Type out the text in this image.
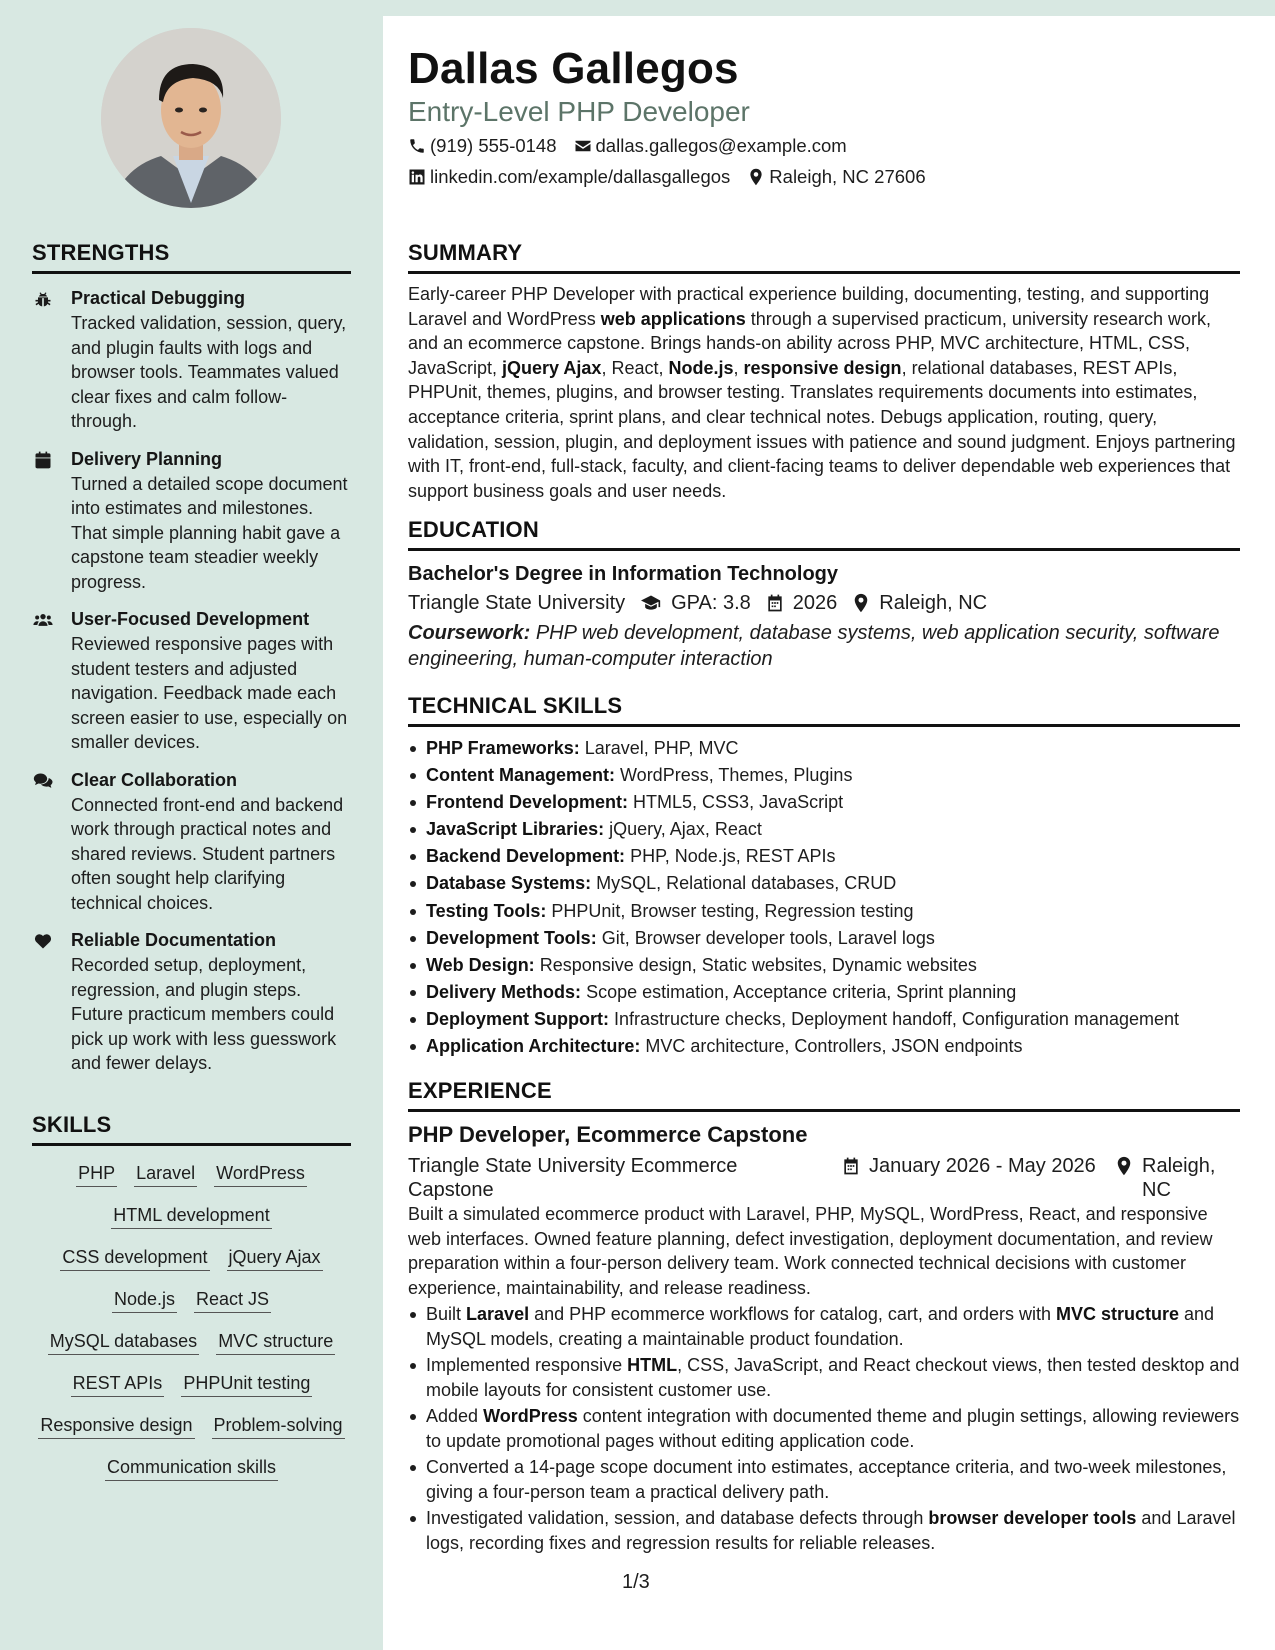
STRENGTHS
Practical Debugging
Tracked validation, session, query, and plugin faults with logs and browser tools. Teammates valued clear fixes and calm follow-through.
Delivery Planning
Turned a detailed scope document into estimates and milestones. That simple planning habit gave a capstone team steadier weekly progress.
User-Focused Development
Reviewed responsive pages with student testers and adjusted navigation. Feedback made each screen easier to use, especially on smaller devices.
Clear Collaboration
Connected front-end and backend work through practical notes and shared reviews. Student partners often sought help clarifying technical choices.
Reliable Documentation
Recorded setup, deployment, regression, and plugin steps. Future practicum members could pick up work with less guesswork and fewer delays.
SKILLS
PHP Laravel WordPress
HTML development
CSS development jQuery Ajax
Node.js React JS
MySQL databases MVC structure
REST APIs PHPUnit testing
Responsive design Problem-solving
Communication skills
Dallas Gallegos
Entry-Level PHP Developer
(919) 555-0148 dallas.gallegos@example.com
linkedin.com/example/dallasgallegos Raleigh, NC 27606
SUMMARY

Early-career PHP Developer with practical experience building, documenting, testing, and supporting Laravel and WordPress web applications through a supervised practicum, university research work, and an ecommerce capstone. Brings hands-on ability across PHP, MVC architecture, HTML, CSS, JavaScript, jQuery Ajax, React, Node.js, responsive design, relational databases, REST APIs, PHPUnit, themes, plugins, and browser testing. Translates requirements documents into estimates, acceptance criteria, sprint plans, and clear technical notes. Debugs application, routing, query, validation, session, plugin, and deployment issues with patience and sound judgment. Enjoys partnering with IT, front-end, full-stack, faculty, and client-facing teams to deliver dependable web experiences that support business goals and user needs.

EDUCATION
Bachelor's Degree in Information Technology
Triangle State University GPA: 3.8 2026 Raleigh, NC
Coursework: PHP web development, database systems, web application security, software engineering, human-computer interaction
TECHNICAL SKILLS
PHP Frameworks: Laravel, PHP, MVC
Content Management: WordPress, Themes, Plugins
Frontend Development: HTML5, CSS3, JavaScript
JavaScript Libraries: jQuery, Ajax, React
Backend Development: PHP, Node.js, REST APIs
Database Systems: MySQL, Relational databases, CRUD
Testing Tools: PHPUnit, Browser testing, Regression testing
Development Tools: Git, Browser developer tools, Laravel logs
Web Design: Responsive design, Static websites, Dynamic websites
Delivery Methods: Scope estimation, Acceptance criteria, Sprint planning
Deployment Support: Infrastructure checks, Deployment handoff, Configuration management
Application Architecture: MVC architecture, Controllers, JSON endpoints
EXPERIENCE
PHP Developer, Ecommerce Capstone
Triangle State University Ecommerce Capstone
January 2026 - May 2026 Raleigh, NC

Built a simulated ecommerce product with Laravel, PHP, MySQL, WordPress, React, and responsive web interfaces. Owned feature planning, defect investigation, deployment documentation, and review preparation within a four-person delivery team. Work connected technical decisions with customer experience, maintainability, and release readiness.

Built Laravel and PHP ecommerce workflows for catalog, cart, and orders with MVC structure and MySQL models, creating a maintainable product foundation.
Implemented responsive HTML, CSS, JavaScript, and React checkout views, then tested desktop and mobile layouts for consistent customer use.
Added WordPress content integration with documented theme and plugin settings, allowing reviewers to update promotional pages without editing application code.
Converted a 14-page scope document into estimates, acceptance criteria, and two-week milestones, giving a four-person team a practical delivery path.
Investigated validation, session, and database defects through browser developer tools and Laravel logs, recording fixes and regression results for reliable releases.
1/3
